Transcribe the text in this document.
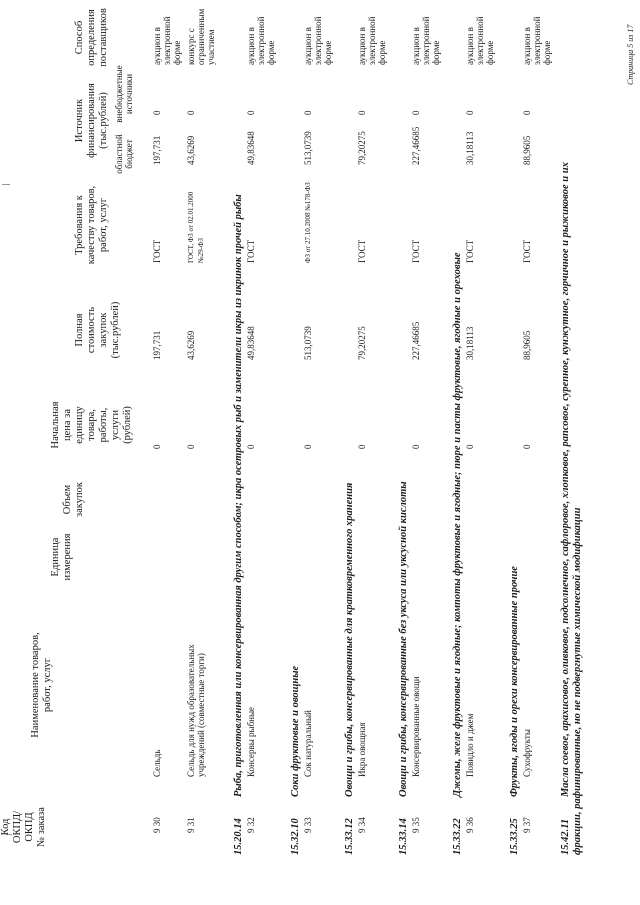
Код ОКПД/ ОКПД № заказа
Наименование товаров, работ, услуг
Единица измерения
Объем закупок
Начальная цена за единицу товара, работы, услуги (рублей)
Полная стоимость закупок (тыс.рублей)
Требования к качеству товаров, работ, услуг
Источник финансирования (тыс.рублей)
областной бюджет
внебюджетные источники
Способ определения поставщиков
9 30
Сельдь
0
197,731
ГОСТ
197,731
0
аукцион в электронной форме
9 31
Сельдь для нужд образовательных учреждений (совместные торги)
0
43,6269
ГОСТ, ФЗ от 02.01.2000 №29-ФЗ
43,6269
0
конкурс с ограниченным участием
15.20.14
Рыба, приготовленная или консервированная другим способом; икра осетровых рыб и заменители икры из икринок прочей рыбы
9 32
Консервы рыбные
0
49,83648
ГОСТ
49,83648
0
аукцион в электронной форме
15.32.10
Соки фруктовые и овощные
9 33
Сок натуральный
0
513,0739
ФЗ от 27.10.2008 №178-ФЗ
513,0739
0
аукцион в электронной форме
15.33.12
Овощи и грибы, консервированные для кратковременного хранения
9 34
Икра овощная
0
79,20275
ГОСТ
79,20275
0
аукцион в электронной форме
15.33.14
Овощи и грибы, консервированные без уксуса или уксусной кислоты
9 35
Консервированные овощи
0
227,46685
ГОСТ
227,46685
0
аукцион в электронной форме
15.33.22
Джемы, желе фруктовые и ягодные; компоты фруктовые и ягодные; пюре и пасты фруктовые, ягодные и ореховые
9 36
Повидло и джем
0
30,18113
ГОСТ
30,18113
0
аукцион в электронной форме
15.33.25
Фрукты, ягоды и орехи консервированные прочие
9 37
Сухофрукты
0
88,9605
ГОСТ
88,9605
0
аукцион в электронной форме
15.42.11
Масла соевое, арахисовое, оливковое, подсолнечное, сафлоровое, хлопковое, рапсовое, сурепное, кунжутное, горчичное и рыжиковое и их фракции, рафинированные, но не подвергнутые химической модификации
Страница 5 из 17
